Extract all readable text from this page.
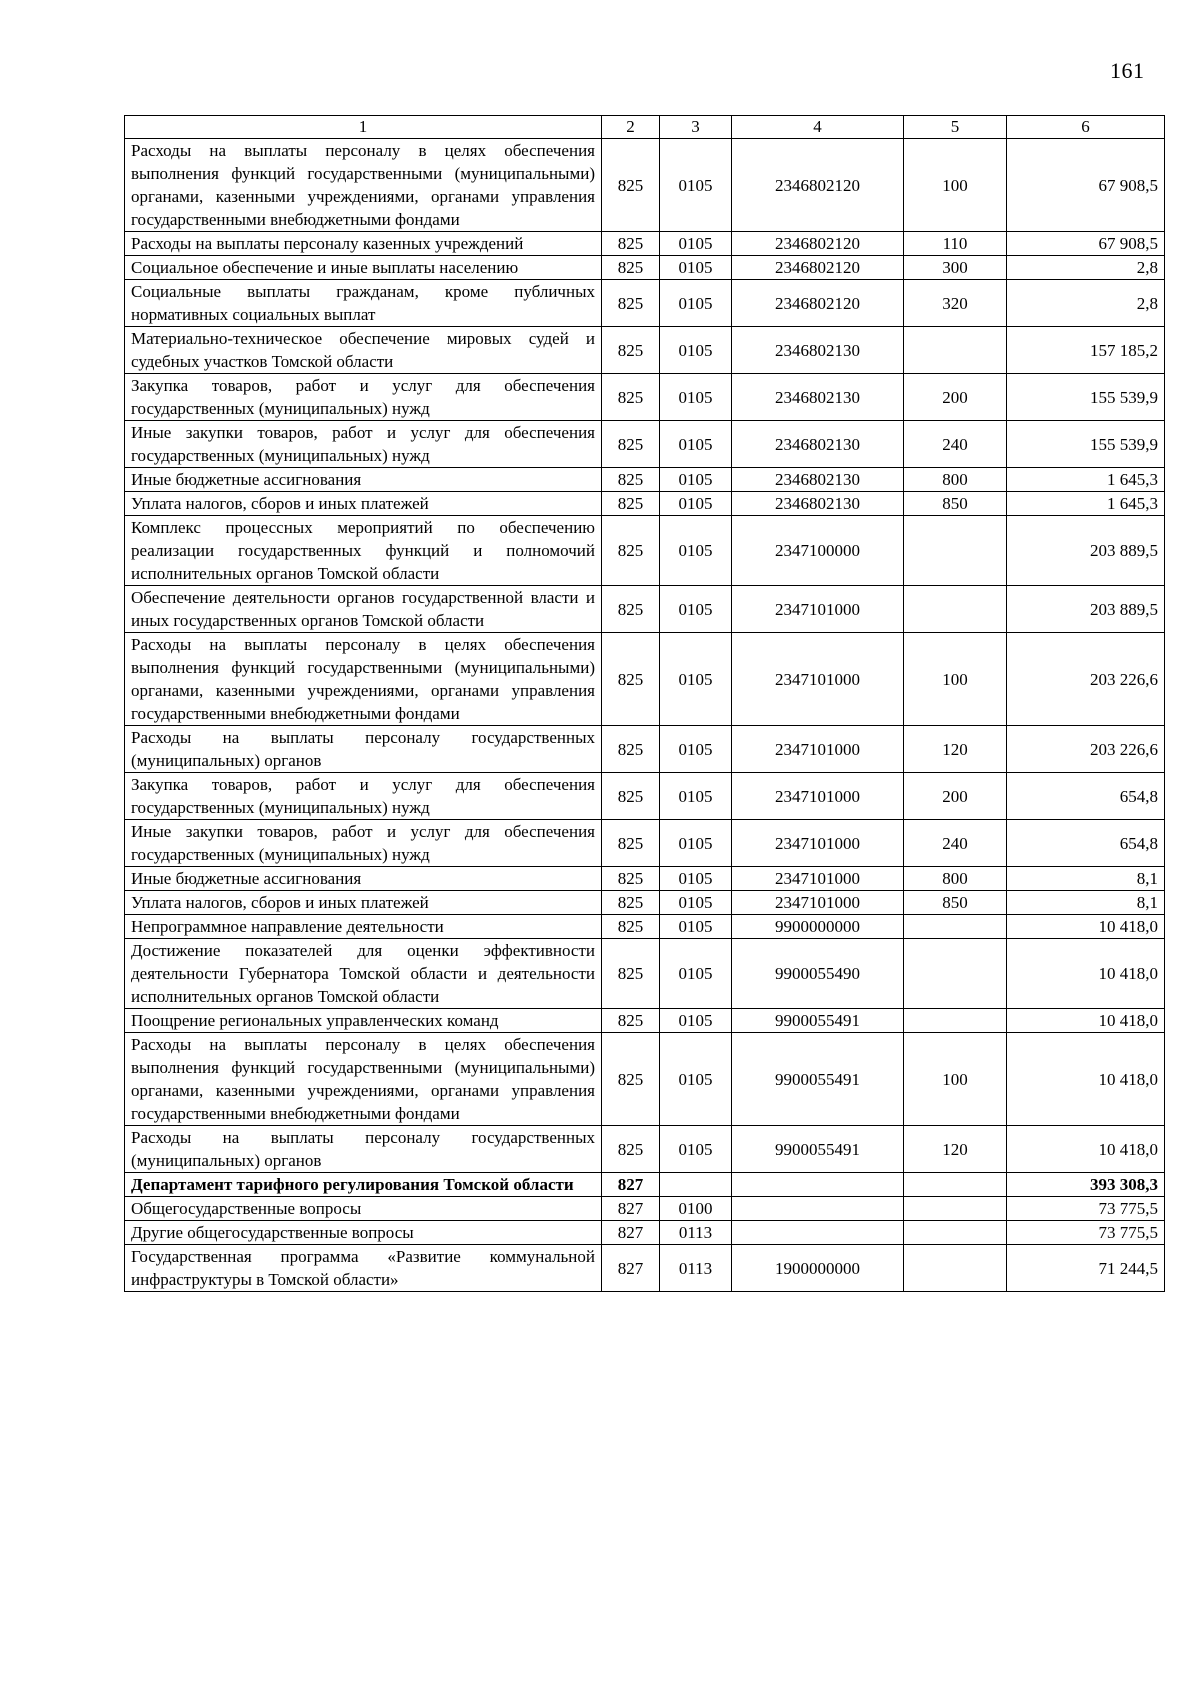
161
1	2	3	4	5	6
Расходы на выплаты персоналу в целях обеспечения выполнения функций государственными (муниципальными) органами, казенными учреждениями, органами управления государственными внебюджетными фондами	825	0105	2346802120	100	67 908,5
Расходы на выплаты персоналу казенных учреждений	825	0105	2346802120	110	67 908,5
Социальное обеспечение и иные выплаты населению	825	0105	2346802120	300	2,8
Социальные выплаты гражданам, кроме публичных нормативных социальных выплат	825	0105	2346802120	320	2,8
Материально-техническое обеспечение мировых судей и судебных участков Томской области	825	0105	2346802130		157 185,2
Закупка товаров, работ и услуг для обеспечения государственных (муниципальных) нужд	825	0105	2346802130	200	155 539,9
Иные закупки товаров, работ и услуг для обеспечения государственных (муниципальных) нужд	825	0105	2346802130	240	155 539,9
Иные бюджетные ассигнования	825	0105	2346802130	800	1 645,3
Уплата налогов, сборов и иных платежей	825	0105	2346802130	850	1 645,3
Комплекс процессных мероприятий по обеспечению реализации государственных функций и полномочий исполнительных органов Томской области	825	0105	2347100000		203 889,5
Обеспечение деятельности органов государственной власти и иных государственных органов Томской области	825	0105	2347101000		203 889,5
Расходы на выплаты персоналу в целях обеспечения выполнения функций государственными (муниципальными) органами, казенными учреждениями, органами управления государственными внебюджетными фондами	825	0105	2347101000	100	203 226,6
Расходы на выплаты персоналу государственных (муниципальных) органов	825	0105	2347101000	120	203 226,6
Закупка товаров, работ и услуг для обеспечения государственных (муниципальных) нужд	825	0105	2347101000	200	654,8
Иные закупки товаров, работ и услуг для обеспечения государственных (муниципальных) нужд	825	0105	2347101000	240	654,8
Иные бюджетные ассигнования	825	0105	2347101000	800	8,1
Уплата налогов, сборов и иных платежей	825	0105	2347101000	850	8,1
Непрограммное направление деятельности	825	0105	9900000000		10 418,0
Достижение показателей для оценки эффективности деятельности Губернатора Томской области и деятельности исполнительных органов Томской области	825	0105	9900055490		10 418,0
Поощрение региональных управленческих команд	825	0105	9900055491		10 418,0
Расходы на выплаты персоналу в целях обеспечения выполнения функций государственными (муниципальными) органами, казенными учреждениями, органами управления государственными внебюджетными фондами	825	0105	9900055491	100	10 418,0
Расходы на выплаты персоналу государственных (муниципальных) органов	825	0105	9900055491	120	10 418,0
Департамент тарифного регулирования Томской области	827				393 308,3
Общегосударственные вопросы	827	0100			73 775,5
Другие общегосударственные вопросы	827	0113			73 775,5
Государственная программа «Развитие коммунальной инфраструктуры в Томской области»	827	0113	1900000000		71 244,5
